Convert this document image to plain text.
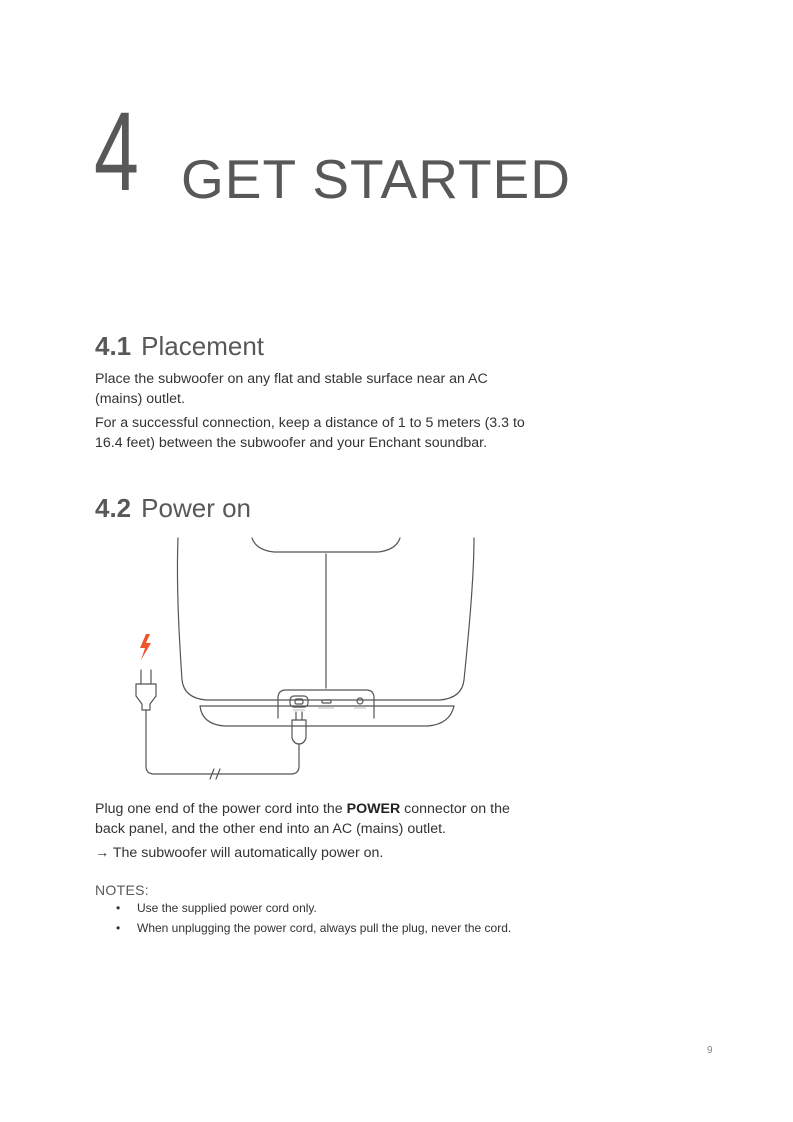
4 GET STARTED
4.1 Placement

Place the subwoofer on any flat and stable surface near an AC (mains) outlet.

For a successful connection, keep a distance of 1 to 5 meters (3.3 to 16.4 feet) between the subwoofer and your Enchant soundbar.

4.2 Power on

Plug one end of the power cord into the POWER connector on the back panel, and the other end into an AC (mains) outlet.

→ The subwoofer will automatically power on.

NOTES:
• Use the supplied power cord only.
• When unplugging the power cord, always pull the plug, never the cord.
9
